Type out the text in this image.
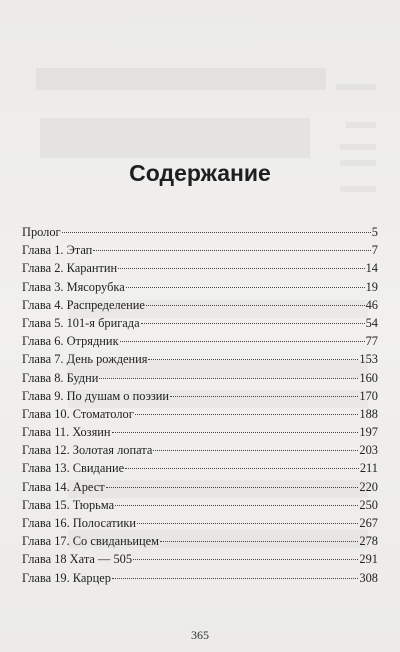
Содержание
Пролог	5
Глава 1. Этап	7
Глава 2. Карантин	14
Глава 3. Мясорубка	19
Глава 4. Распределение	46
Глава 5. 101-я бригада	54
Глава 6. Отрядник	77
Глава 7. День рождения	153
Глава 8. Будни	160
Глава 9. По душам о поэзии	170
Глава 10. Стоматолог	188
Глава 11. Хозяин	197
Глава 12. Золотая лопата	203
Глава 13. Свидание	211
Глава 14. Арест	220
Глава 15. Тюрьма	250
Глава 16. Полосатики	267
Глава 17. Со свиданьицем	278
Глава 18 Хата — 505	291
Глава 19. Карцер	308
365
